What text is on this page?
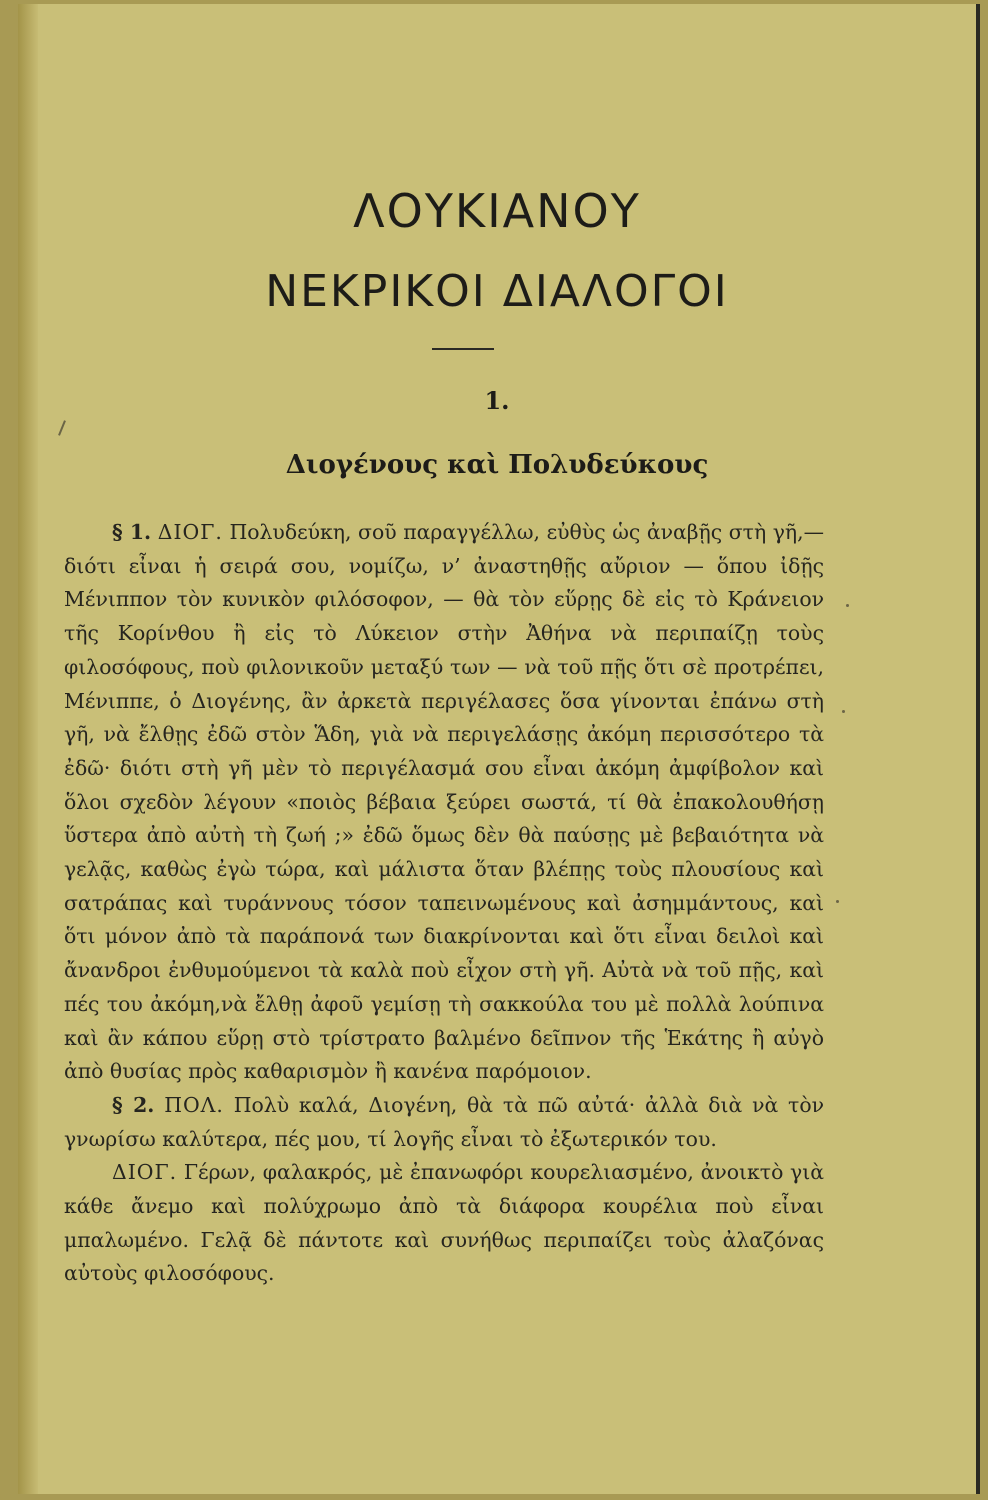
ΛΟΥΚΙΑΝΟΥ
ΝΕΚΡΙΚΟΙ ΔΙΑΛΟΓΟΙ
1.
Διογένους καὶ Πολυδεύκους

§ 1. ΔΙΟΓ. Πολυδεύκη, σοῦ παραγγέλλω, εὐθὺς ὡς ἀναβῇς στὴ γῆ,—διότι εἶναι ἡ σειρά σου, νομίζω, ν’ ἀναστηθῇς αὔριον — ὅπου ἰδῇς Μένιππον τὸν κυνικὸν φιλόσοφον, — θὰ τὸν εὕρῃς δὲ εἰς τὸ Κράνειον τῆς Κορίνθου ἢ εἰς τὸ Λύκειον στὴν Ἀθήνα νὰ περιπαίζῃ τοὺς φιλοσόφους, ποὺ φιλονικοῦν μεταξύ των — νὰ τοῦ πῇς ὅτι σὲ προτρέπει, Μένιππε, ὁ Διογένης, ἂν ἀρκετὰ περιγέλασες ὅσα γίνονται ἐπάνω στὴ γῆ, νὰ ἔλθῃς ἐδῶ στὸν Ἅδη, γιὰ νὰ περιγελάσῃς ἀκόμη περισσότερο τὰ ἐδῶ· διότι στὴ γῆ μὲν τὸ περιγέλασμά σου εἶναι ἀκόμη ἀμφίβολον καὶ ὅλοι σχεδὸν λέγουν «ποιὸς βέβαια ξεύρει σωστά, τί θὰ ἐπακολουθήσῃ ὕστερα ἀπὸ αὐτὴ τὴ ζωή ;» ἐδῶ ὅμως δὲν θὰ παύσῃς μὲ βεβαιότητα νὰ γελᾷς, καθὼς ἐγὼ τώρα, καὶ μάλιστα ὅταν βλέπῃς τοὺς πλουσίους καὶ σατράπας καὶ τυράννους τόσον ταπεινωμένους καὶ ἀσημμάντους, καὶ ὅτι μόνον ἀπὸ τὰ παράπονά των διακρίνονται καὶ ὅτι εἶναι δειλοὶ καὶ ἄνανδροι ἐνθυμούμενοι τὰ καλὰ ποὺ εἶχον στὴ γῆ. Αὐτὰ νὰ τοῦ πῇς, καὶ πές του ἀκόμη,νὰ ἔλθῃ ἀφοῦ γεμίσῃ τὴ σακκούλα του μὲ πολλὰ λούπινα καὶ ἂν κάπου εὕρῃ στὸ τρίστρατο βαλμένο δεῖπνον τῆς Ἑκάτης ἢ αὐγὸ ἀπὸ θυσίας πρὸς καθαρισμὸν ἢ κανένα παρόμοιον.

§ 2. ΠΟΛ. Πολὺ καλά, Διογένη, θὰ τὰ πῶ αὐτά· ἀλλὰ διὰ νὰ τὸν γνωρίσω καλύτερα, πές μου, τί λογῆς εἶναι τὸ ἐξωτερικόν του.

ΔΙΟΓ. Γέρων, φαλακρός, μὲ ἐπανωφόρι κουρελιασμένο, ἀνοικτὸ γιὰ κάθε ἄνεμο καὶ πολύχρωμο ἀπὸ τὰ διάφορα κουρέλια ποὺ εἶναι μπαλωμένο. Γελᾷ δὲ πάντοτε καὶ συνήθως περιπαίζει τοὺς ἀλαζόνας αὐτοὺς φιλοσόφους.
